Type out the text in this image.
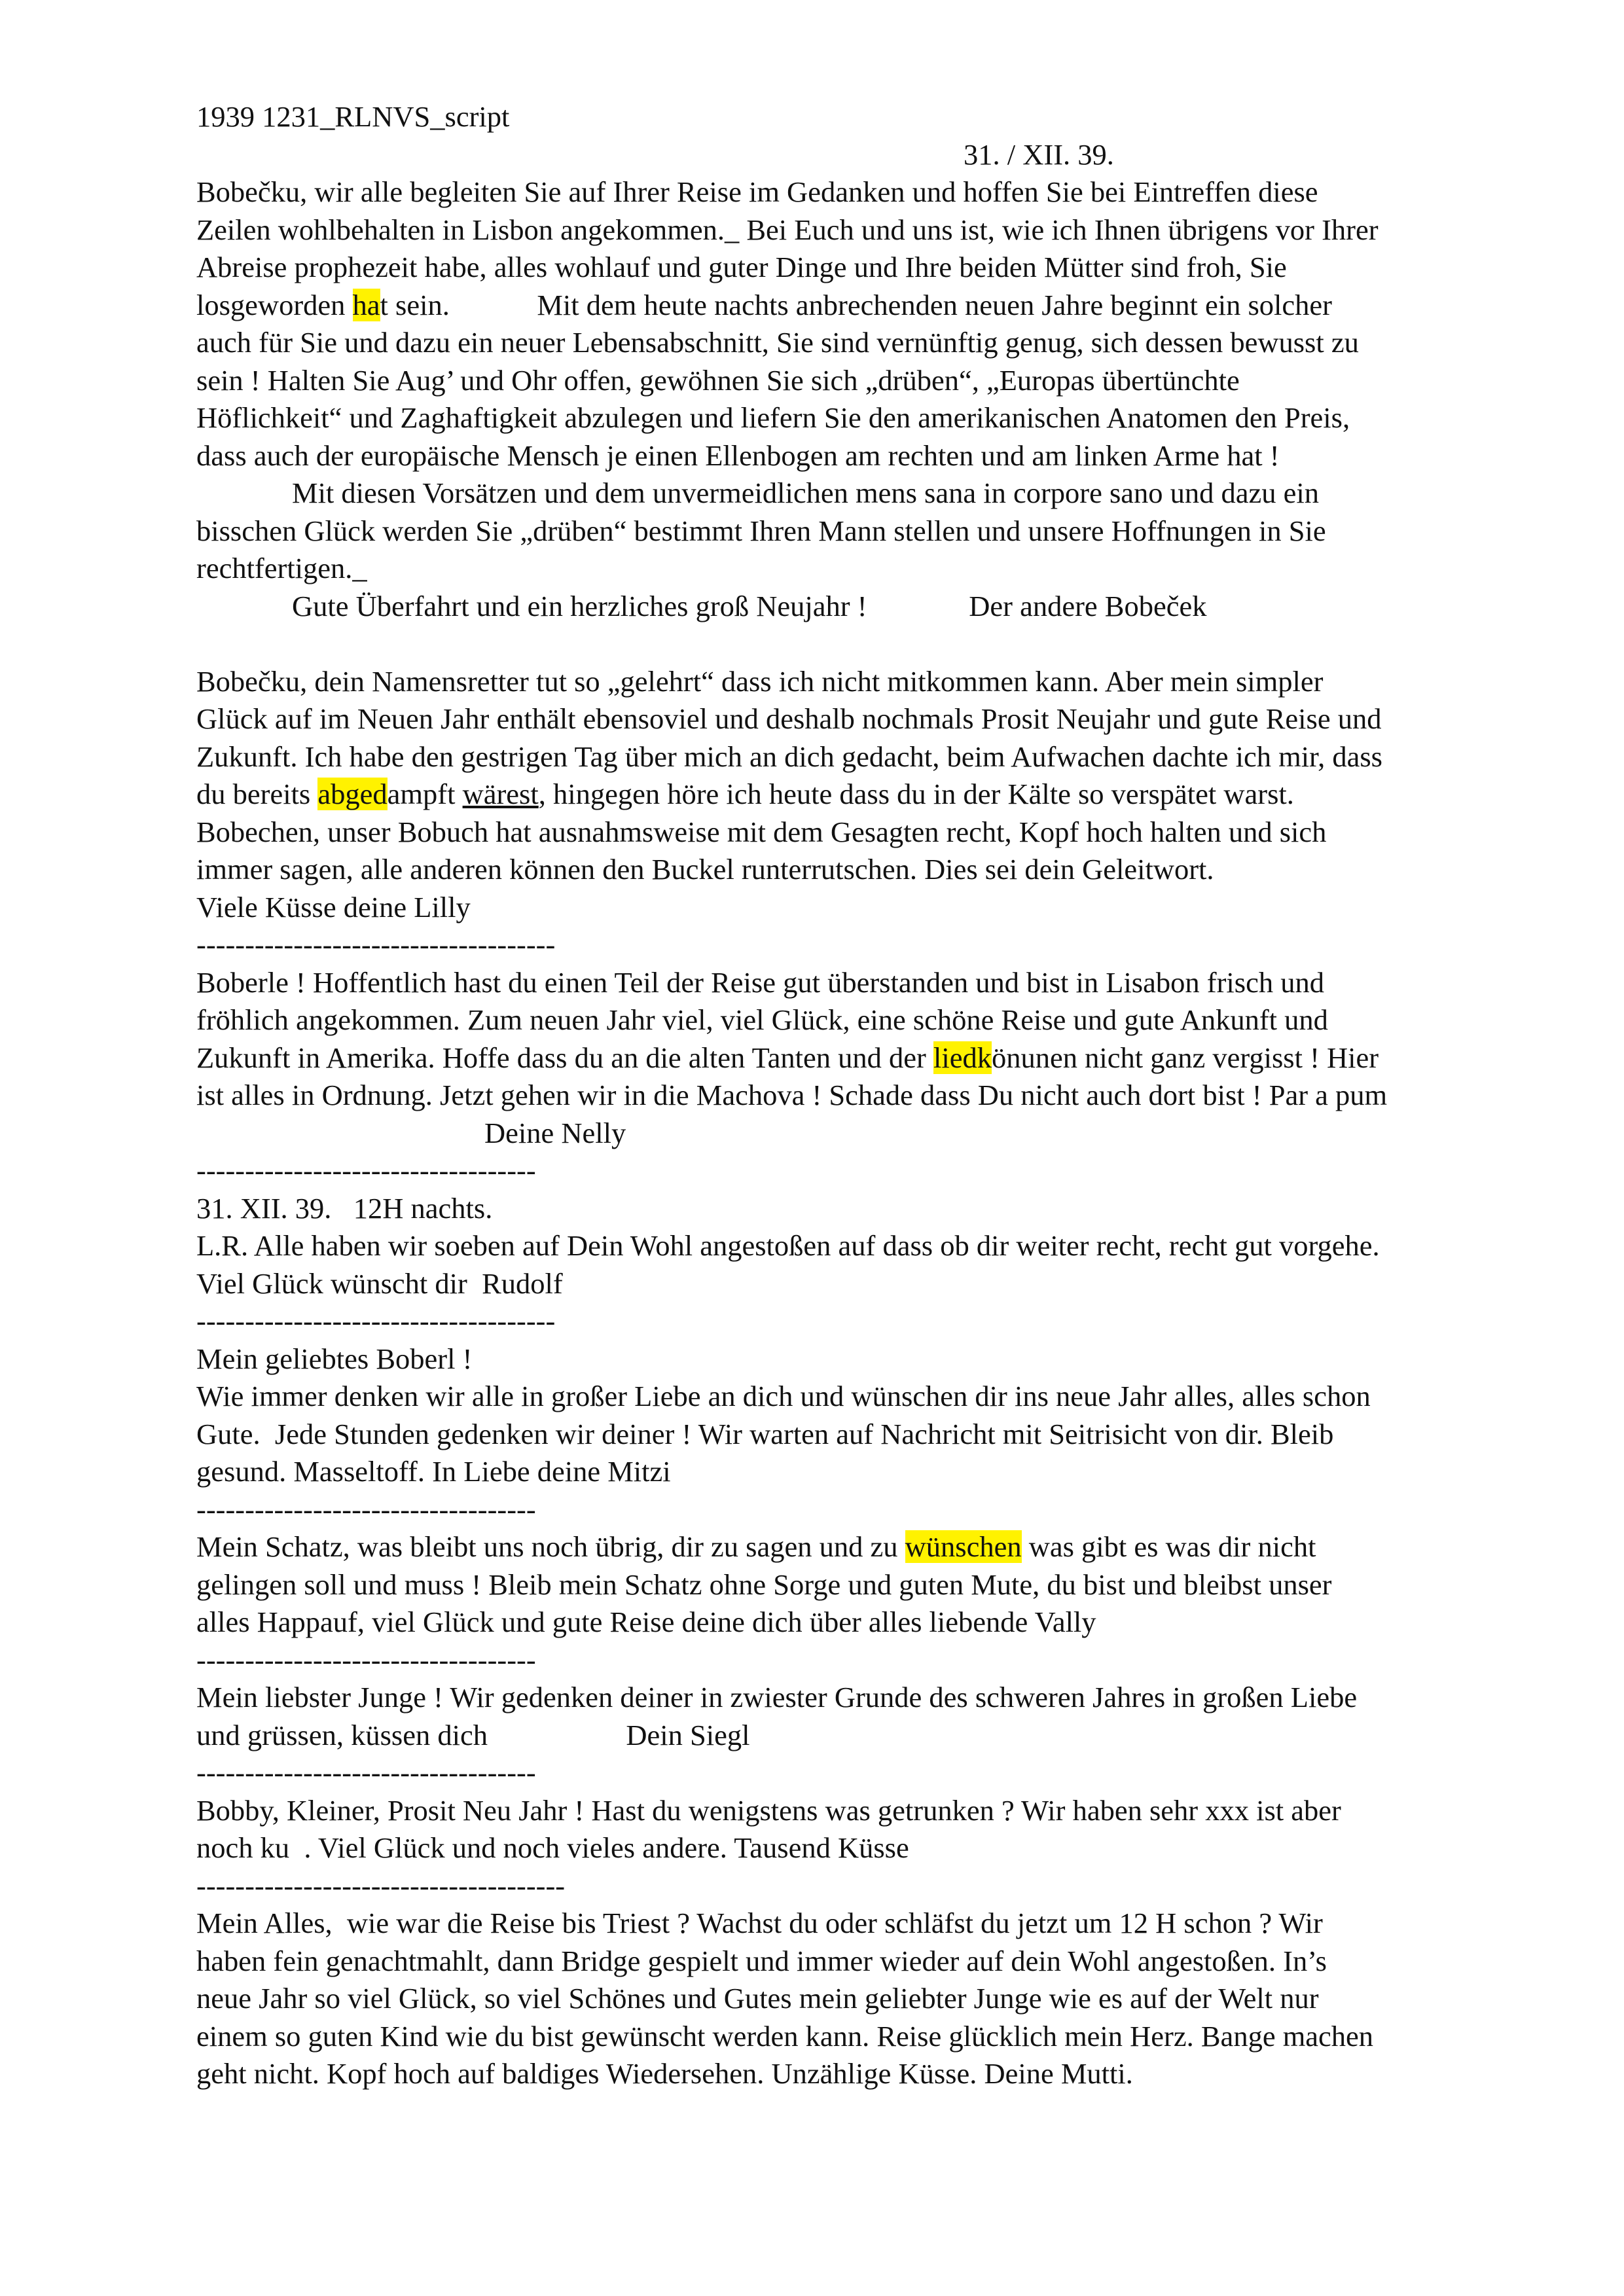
1939 1231_RLNVS_script
31. / XII. 39.
Bobečku, wir alle begleiten Sie auf Ihrer Reise im Gedanken und hoffen Sie bei Eintreffen diese
Zeilen wohlbehalten in Lisbon angekommen._ Bei Euch und uns ist, wie ich Ihnen übrigens vor Ihrer
Abreise prophezeit habe, alles wohlauf und guter Dinge und Ihre beiden Mütter sind froh, Sie
losgeworden hat sein.            Mit dem heute nachts anbrechenden neuen Jahre beginnt ein solcher
auch für Sie und dazu ein neuer Lebensabschnitt, Sie sind vernünftig genug, sich dessen bewusst zu
sein ! Halten Sie Aug’ und Ohr offen, gewöhnen Sie sich „drüben“, „Europas übertünchte
Höflichkeit“ und Zaghaftigkeit abzulegen und liefern Sie den amerikanischen Anatomen den Preis,
dass auch der europäische Mensch je einen Ellenbogen am rechten und am linken Arme hat !
Mit diesen Vorsätzen und dem unvermeidlichen mens sana in corpore sano und dazu ein
bisschen Glück werden Sie „drüben“ bestimmt Ihren Mann stellen und unsere Hoffnungen in Sie
rechtfertigen._
Gute Überfahrt und ein herzliches groß Neujahr !              Der andere Bobeček
Bobečku, dein Namensretter tut so „gelehrt“ dass ich nicht mitkommen kann. Aber mein simpler
Glück auf im Neuen Jahr enthält ebensoviel und deshalb nochmals Prosit Neujahr und gute Reise und
Zukunft. Ich habe den gestrigen Tag über mich an dich gedacht, beim Aufwachen dachte ich mir, dass
du bereits abgedampft wärest, hingegen höre ich heute dass du in der Kälte so verspätet warst.
Bobechen, unser Bobuch hat ausnahmsweise mit dem Gesagten recht, Kopf hoch halten und sich
immer sagen, alle anderen können den Buckel runterrutschen. Dies sei dein Geleitwort.
Viele Küsse deine Lilly
-------------------------------------
Boberle ! Hoffentlich hast du einen Teil der Reise gut überstanden und bist in Lisabon frisch und
fröhlich angekommen. Zum neuen Jahr viel, viel Glück, eine schöne Reise und gute Ankunft und
Zukunft in Amerika. Hoffe dass du an die alten Tanten und der liedkönunen nicht ganz vergisst ! Hier
ist alles in Ordnung. Jetzt gehen wir in die Machova ! Schade dass Du nicht auch dort bist ! Par a pum
Deine Nelly
-----------------------------------
31. XII. 39.   12H nachts.
L.R. Alle haben wir soeben auf Dein Wohl angestoßen auf dass ob dir weiter recht, recht gut vorgehe.
Viel Glück wünscht dir  Rudolf
-------------------------------------
Mein geliebtes Boberl !
Wie immer denken wir alle in großer Liebe an dich und wünschen dir ins neue Jahr alles, alles schon
Gute.  Jede Stunden gedenken wir deiner ! Wir warten auf Nachricht mit Seitrisicht von dir. Bleib
gesund. Masseltoff. In Liebe deine Mitzi
-----------------------------------
Mein Schatz, was bleibt uns noch übrig, dir zu sagen und zu wünschen was gibt es was dir nicht
gelingen soll und muss ! Bleib mein Schatz ohne Sorge und guten Mute, du bist und bleibst unser
alles Happauf, viel Glück und gute Reise deine dich über alles liebende Vally
-----------------------------------
Mein liebster Junge ! Wir gedenken deiner in zwiester Grunde des schweren Jahres in großen Liebe
und grüssen, küssen dich                   Dein Siegl
-----------------------------------
Bobby, Kleiner, Prosit Neu Jahr ! Hast du wenigstens was getrunken ? Wir haben sehr xxx ist aber
noch ku  . Viel Glück und noch vieles andere. Tausend Küsse
--------------------------------------
Mein Alles,  wie war die Reise bis Triest ? Wachst du oder schläfst du jetzt um 12 H schon ? Wir
haben fein genachtmahlt, dann Bridge gespielt und immer wieder auf dein Wohl angestoßen. In’s
neue Jahr so viel Glück, so viel Schönes und Gutes mein geliebter Junge wie es auf der Welt nur
einem so guten Kind wie du bist gewünscht werden kann. Reise glücklich mein Herz. Bange machen
geht nicht. Kopf hoch auf baldiges Wiedersehen. Unzählige Küsse. Deine Mutti.
